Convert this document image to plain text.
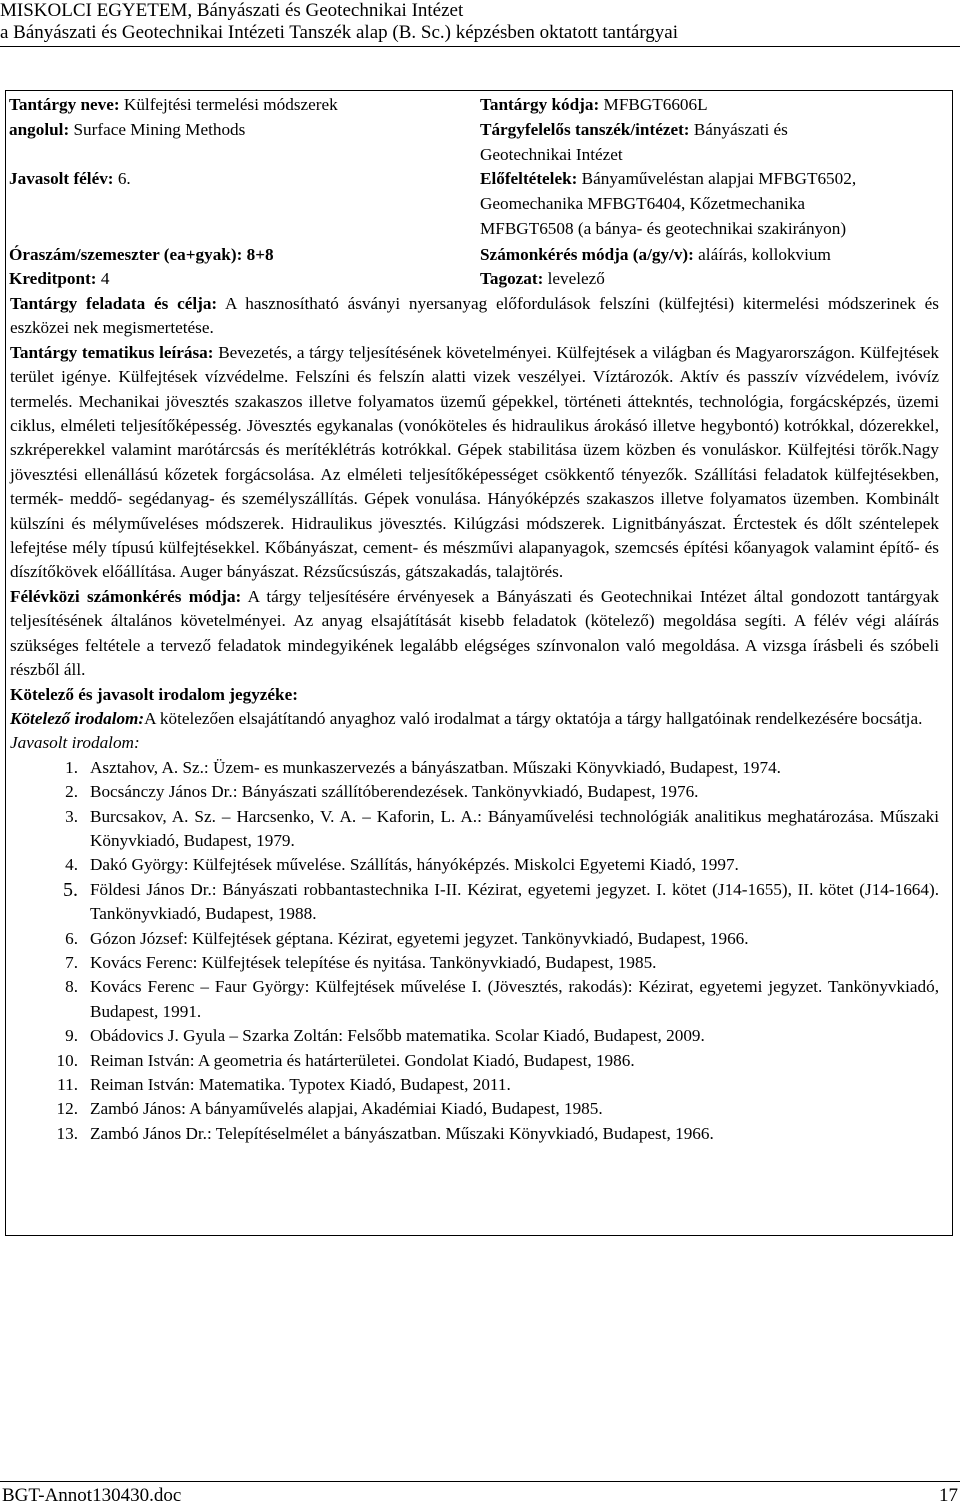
MISKOLCI EGYETEM, Bányászati és Geotechnikai Intézet
a Bányászati és Geotechnikai Intézeti Tanszék alap (B. Sc.) képzésben oktatott tantárgyai
Tantárgy neve: Külfejtési termelési módszerek
angolul: Surface Mining Methods
Javasolt félév: 6.
Óraszám/szemeszter (ea+gyak): 8+8
Kreditpont: 4
Tantárgy kódja: MFBGT6606L
Tárgyfelelős tanszék/intézet: Bányászati és
Geotechnikai Intézet
Előfeltételek: Bányaműveléstan alapjai MFBGT6502,
Geomechanika MFBGT6404, Kőzetmechanika
MFBGT6508 (a bánya- és geotechnikai szakirányon)
Számonkérés módja (a/gy/v): aláírás, kollokvium
Tagozat: levelező

Tantárgy feladata és célja: A hasznosítható ásványi nyersanyag előfordulások felszíni (külfejtési) kitermelési módszerinek és eszközei nek megismertetése.

Tantárgy tematikus leírása: Bevezetés, a tárgy teljesítésének követelményei. Külfejtések a világban és Magyarországon. Külfejtések terület igénye. Külfejtések vízvédelme. Felszíni és felszín alatti vizek veszélyei. Víztározók. Aktív és passzív vízvédelem, ivóvíz termelés. Mechanikai jövesztés szakaszos illetve folyamatos üzemű gépekkel, történeti áttekntés, technológia, forgácsképzés, üzemi ciklus, elméleti teljesítőképesség. Jövesztés egykanalas (vonóköteles és hidraulikus árokásó illetve hegybontó) kotrókkal, dózerekkel, szkréperekkel valamint marótárcsás és merítéklétrás kotrókkal. Gépek stabilitása üzem közben és vonuláskor. Külfejtési törők.Nagy jövesztési ellenállású kőzetek forgácsolása. Az elméleti teljesítőképességet csökkentő tényezők. Szállítási feladatok külfejtésekben, termék- meddő- segédanyag- és személyszállítás. Gépek vonulása. Hányóképzés szakaszos illetve folyamatos üzemben. Kombinált külszíni és mélyműveléses módszerek. Hidraulikus jövesztés. Kilúgzási módszerek. Lignitbányászat. Érctestek és dőlt széntelepek lefejtése mély típusú külfejtésekkel. Kőbányászat, cement- és mészművi alapanyagok, szemcsés építési kőanyagok valamint építő- és díszítőkövek előállítása. Auger bányászat. Rézsűcsúszás, gátszakadás, talajtörés.

Félévközi számonkérés módja: A tárgy teljesítésére érvényesek a Bányászati és Geotechnikai Intézet által gondozott tantárgyak teljesítésének általános követelményei. Az anyag elsajátítását kisebb feladatok (kötelező) megoldása segíti. A félév végi aláírás szükséges feltétele a tervező feladatok mindegyikének legalább elégséges színvonalon való megoldása. A vizsga írásbeli és szóbeli részből áll.

Kötelező és javasolt irodalom jegyzéke:

Kötelező irodalom:A kötelezően elsajátítandó anyaghoz való irodalmat a tárgy oktatója a tárgy hallgatóinak rendelkezésére bocsátja.

Javasolt irodalom:

1. Asztahov, A. Sz.: Üzem- es munkaszervezés a bányászatban. Műszaki Könyvkiadó, Budapest, 1974.
2. Bocsánczy János Dr.: Bányászati szállítóberendezések. Tankönyvkiadó, Budapest, 1976.
3. Burcsakov, A. Sz. – Harcsenko, V. A. – Kaforin, L. A.: Bányaművelési technológiák analitikus meghatározása. Műszaki Könyvkiadó, Budapest, 1979.
4. Dakó György: Külfejtések művelése. Szállítás, hányóképzés. Miskolci Egyetemi Kiadó, 1997.
5. Földesi János Dr.: Bányászati robbantastechnika I-II. Kézirat, egyetemi jegyzet. I. kötet (J14-1655), II. kötet (J14-1664). Tankönyvkiadó, Budapest, 1988.
6. Gózon József: Külfejtések géptana. Kézirat, egyetemi jegyzet. Tankönyvkiadó, Budapest, 1966.
7. Kovács Ferenc: Külfejtések telepítése és nyitása. Tankönyvkiadó, Budapest, 1985.
8. Kovács Ferenc – Faur György: Külfejtések művelése I. (Jövesztés, rakodás): Kézirat, egyetemi jegyzet. Tankönyvkiadó, Budapest, 1991.
9. Obádovics J. Gyula – Szarka Zoltán: Felsőbb matematika. Scolar Kiadó, Budapest, 2009.
10. Reiman István: A geometria és határterületei. Gondolat Kiadó, Budapest, 1986.
11. Reiman István: Matematika. Typotex Kiadó, Budapest, 2011.
12. Zambó János: A bányaművelés alapjai, Akadémiai Kiadó, Budapest, 1985.
13. Zambó János Dr.: Telepítéselmélet a bányászatban. Műszaki Könyvkiadó, Budapest, 1966.
BGT-Annot130430.doc	17
